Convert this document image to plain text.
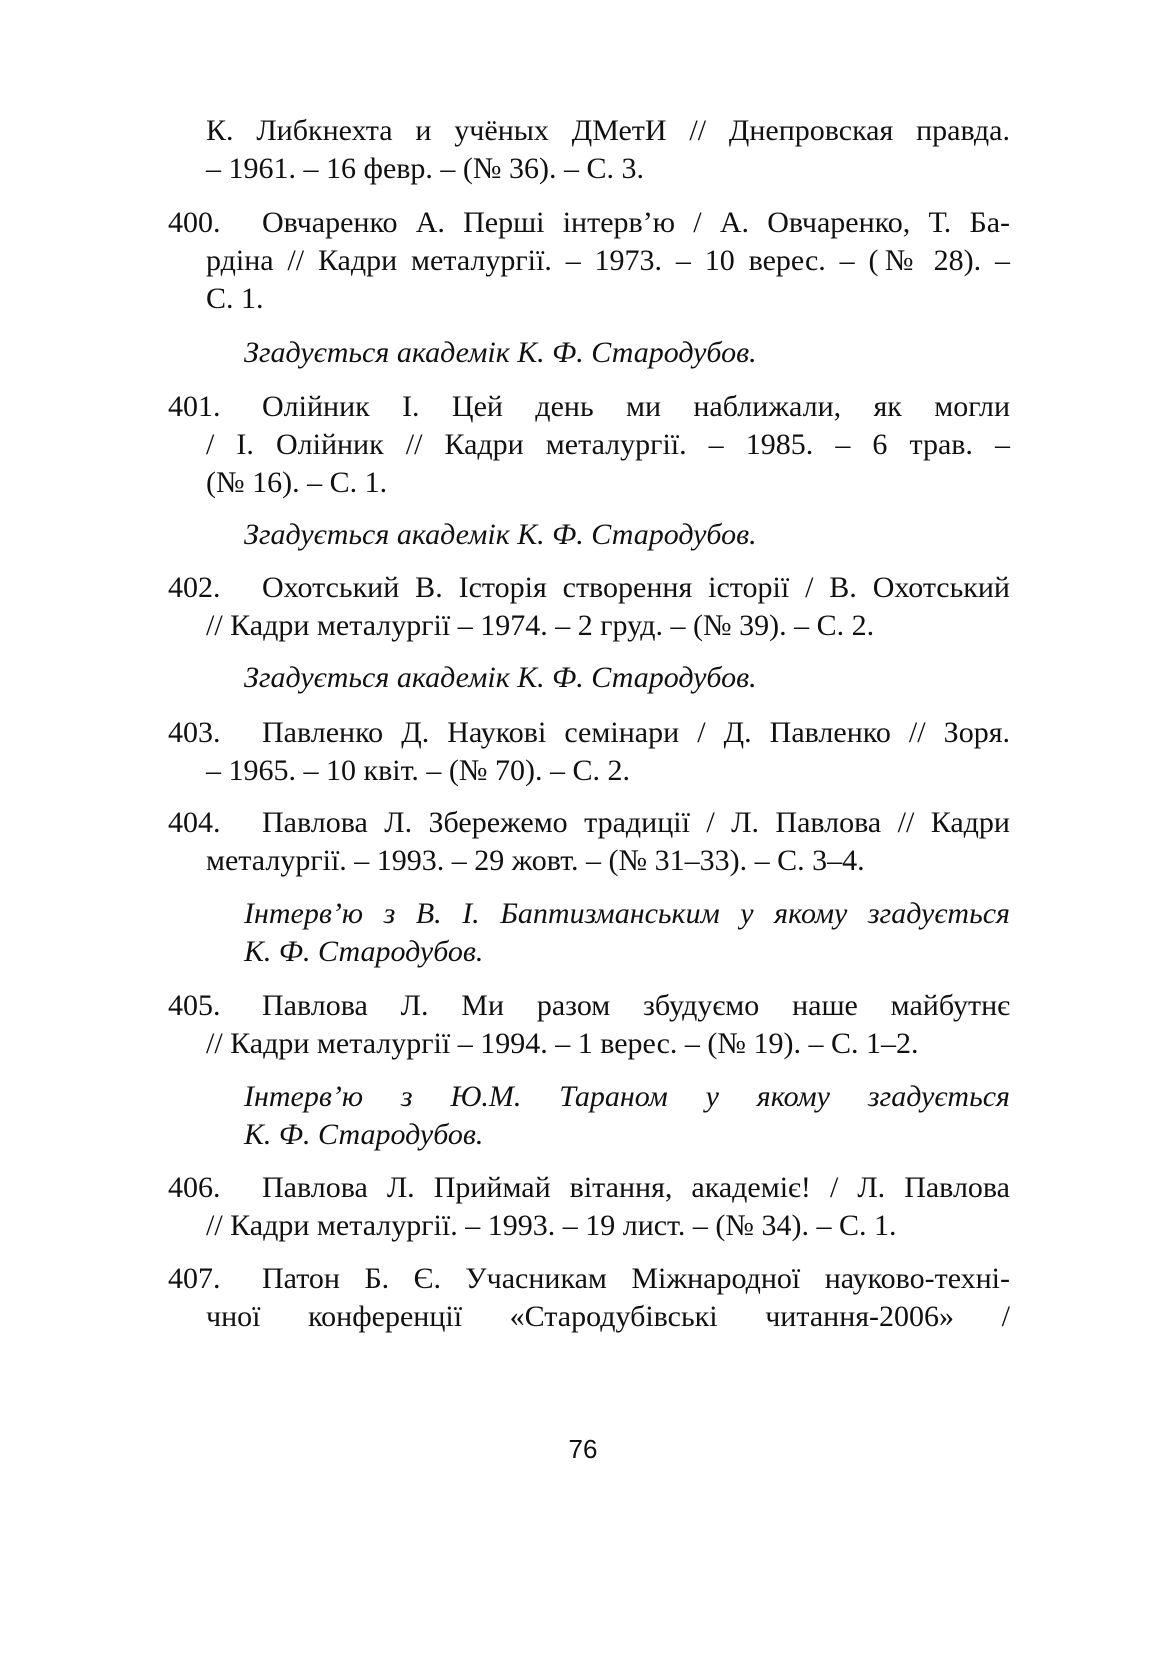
К. Либкнехта и учёных ДМетИ // Днепровская правда.
– 1961. – 16 февр. – (№ 36). – С. 3.
400. Овчаренко А. Перші інтерв’ю / А. Овчаренко, Т. Ба-
рдіна // Кадри металургії. – 1973. – 10 верес. – (№ 28). –
С. 1.
Згадується академік К. Ф. Стародубов.
401. Олійник І. Цей день ми наближали, як могли
/ І. Олійник // Кадри металургії. – 1985. – 6 трав. –
(№ 16). – С. 1.
Згадується академік К. Ф. Стародубов.
402. Охотський В. Історія створення історії / В. Охотський
// Кадри металургії – 1974. – 2 груд. – (№ 39). – С. 2.
Згадується академік К. Ф. Стародубов.
403. Павленко Д. Наукові семінари / Д. Павленко // Зоря.
– 1965. – 10 квіт. – (№ 70). – С. 2.
404. Павлова Л. Збережемо традиції / Л. Павлова // Кадри
металургії. – 1993. – 29 жовт. – (№ 31–33). – С. 3–4.
Інтерв’ю з В. І. Баптизманським у якому згадується
К. Ф. Стародубов.
405. Павлова Л. Ми разом збудуємо наше майбутнє
// Кадри металургії – 1994. – 1 верес. – (№ 19). – С. 1–2.
Інтерв’ю з Ю.М. Тараном у якому згадується
К. Ф. Стародубов.
406. Павлова Л. Приймай вітання, академіє! / Л. Павлова
// Кадри металургії. – 1993. – 19 лист. – (№ 34). – С. 1.
407. Патон Б. Є. Учасникам Міжнародної науково-техні-
чної конференції «Стародубівські читання-2006» /
76
